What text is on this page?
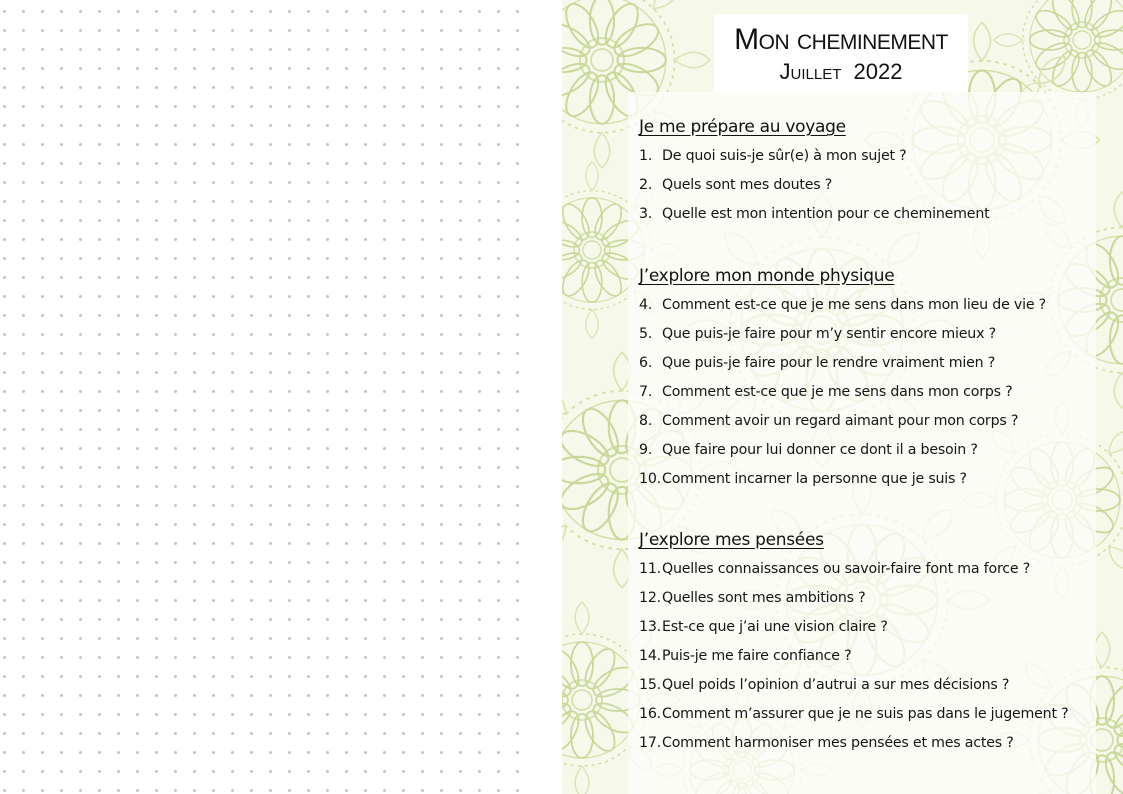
Mon cheminement
Juillet 2022
Je me prépare au voyage
1. De quoi suis-je sûr(e) à mon sujet ?
2. Quels sont mes doutes ?
3. Quelle est mon intention pour ce cheminement
J’explore mon monde physique
4. Comment est-ce que je me sens dans mon lieu de vie ?
5. Que puis-je faire pour m’y sentir encore mieux ?
6. Que puis-je faire pour le rendre vraiment mien ?
7. Comment est-ce que je me sens dans mon corps ?
8. Comment avoir un regard aimant pour mon corps ?
9. Que faire pour lui donner ce dont il a besoin ?
10. Comment incarner la personne que je suis ?
J’explore mes pensées
11. Quelles connaissances ou savoir-faire font ma force ?
12. Quelles sont mes ambitions ?
13. Est-ce que j’ai une vision claire ?
14. Puis-je me faire confiance ?
15. Quel poids l’opinion d’autrui a sur mes décisions ?
16. Comment m’assurer que je ne suis pas dans le jugement ?
17. Comment harmoniser mes pensées et mes actes ?
